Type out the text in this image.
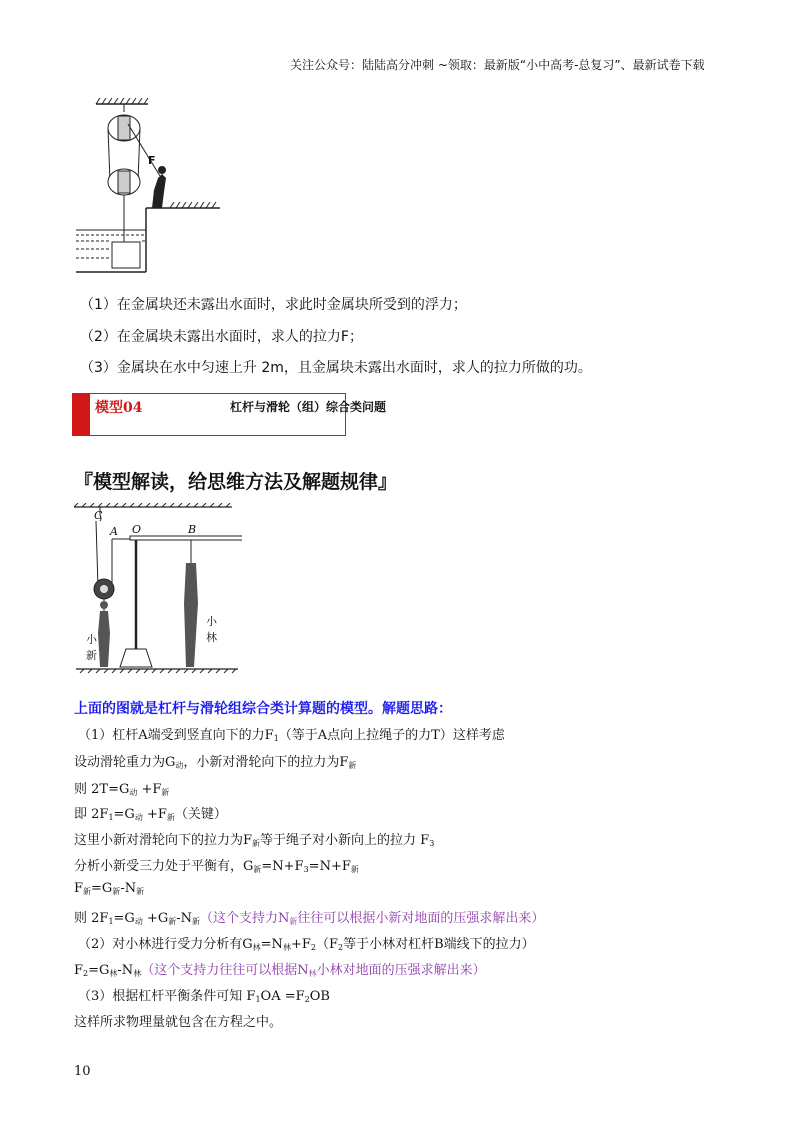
关注公众号：陆陆高分冲刺 ~领取：最新版“小中高考-总复习”、最新试卷下载
F
（1）在金属块还未露出水面时，求此时金属块所受到的浮力；
（2）在金属块未露出水面时，求人的拉力F；
（3）金属块在水中匀速上升 2m，且金属块未露出水面时，求人的拉力所做的功。
模型04	杠杆与滑轮（组）综合类问题
『模型解读，给思维方法及解题规律』
C
A O	B
小
新
小
林
上面的图就是杠杆与滑轮组综合类计算题的模型。解题思路：
（1）杠杆A端受到竖直向下的力$F_1$（等于A点向上拉绳子的力T）这样考虑
设动滑轮重力为$G_动$，小新对滑轮向下的拉力为$F_新$
则 $2T=G_动 +F_新$
即 $2F_1=G_动 +F_新$（关键）
这里小新对滑轮向下的拉力为$F_新$等于绳子对小新向上的拉力 $F_3$
分析小新受三力处于平衡有，$G_新=N+F_3=N+F_新$
$F_新=G_新-N_新$
则 $2F_1=G_动 +G_新-N_新$（这个支持力$N_新$往往可以根据小新对地面的压强求解出来）
（2）对小林进行受力分析有$G_林=N_林+F_2(F_2$等于小林对杠杆B端线下的拉力）
$F_2=G_林-N_林$（这个支持力往往可以根据$N_林$小林对地面的压强求解出来）
（3）根据杠杆平衡条件可知 $F_1OA =F_2OB$
这样所求物理量就包含在方程之中。
10
